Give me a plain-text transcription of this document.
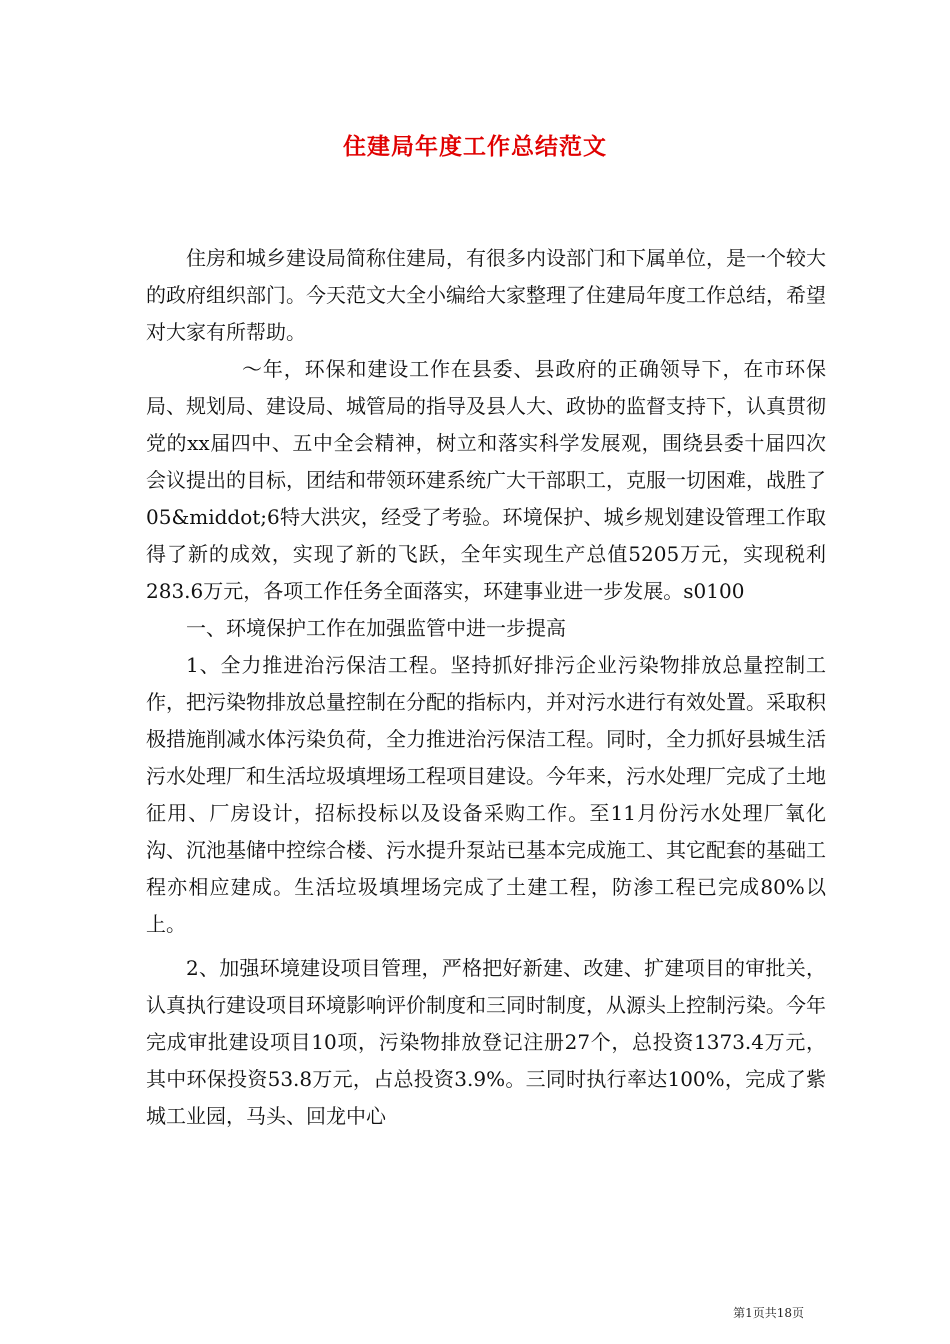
住建局年度工作总结范文

住房和城乡建设局简称住建局，有很多内设部门和下属单位，是一个较大的政府组织部门。今天范文大全小编给大家整理了住建局年度工作总结，希望对大家有所帮助。

～年，环保和建设工作在县委、县政府的正确领导下，在市环保局、规划局、建设局、城管局的指导及县人大、政协的监督支持下，认真贯彻党的xx届四中、五中全会精神，树立和落实科学发展观，围绕县委十届四次会议提出的目标，团结和带领环建系统广大干部职工，克服一切困难，战胜了05&middot;6特大洪灾，经受了考验。环境保护、城乡规划建设管理工作取得了新的成效，实现了新的飞跃，全年实现生产总值5205万元，实现税利283.6万元，各项工作任务全面落实，环建事业进一步发展。s0100

一、环境保护工作在加强监管中进一步提高

1、全力推进治污保洁工程。坚持抓好排污企业污染物排放总量控制工作，把污染物排放总量控制在分配的指标内，并对污水进行有效处置。采取积极措施削减水体污染负荷，全力推进治污保洁工程。同时，全力抓好县城生活污水处理厂和生活垃圾填埋场工程项目建设。今年来，污水处理厂完成了土地征用、厂房设计，招标投标以及设备采购工作。至11月份污水处理厂氧化沟、沉池基储中控综合楼、污水提升泵站已基本完成施工、其它配套的基础工程亦相应建成。生活垃圾填埋场完成了土建工程，防渗工程已完成80%以上。

2、加强环境建设项目管理，严格把好新建、改建、扩建项目的审批关，认真执行建设项目环境影响评价制度和三同时制度，从源头上控制污染。今年完成审批建设项目10项，污染物排放登记注册27个，总投资1373.4万元，其中环保投资53.8万元，占总投资3.9%。三同时执行率达100%，完成了紫城工业园，马头、回龙中心

第1页共18页
